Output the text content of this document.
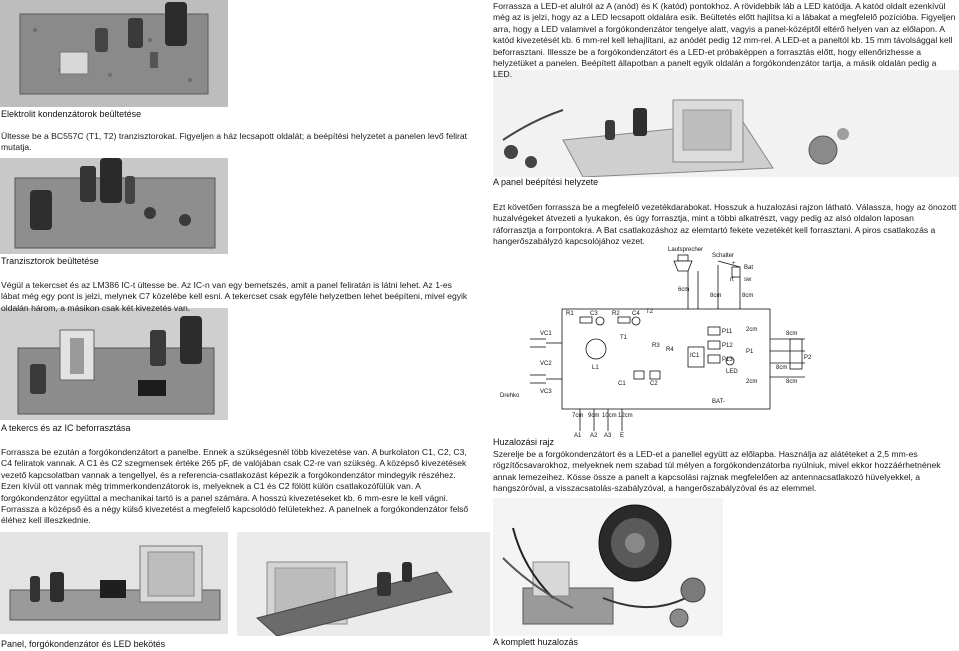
Lautsprecher
Schalter
Bat
+
sw
rt
6cm
8cm	8cm
2cm
8cm
8cm
8cm
2cm
P1
P2
R1	C3 R2 C4 T2
VC1
VC2
VC3
L1
T1
C1	C2
R3
R4
IC1
P11
P12
P13
LED
BAT-
Drehko
7cm 9cm 10cm 12cm
A1 A2 A3 E
Forrassza a LED-et alulról az A (anód) és K (katód) pontokhoz. A rövidebbik láb a LED katódja. A katód oldalt ezenkívül még az is jelzi, hogy az a LED lecsapott oldalára esik. Beültetés előtt hajlítsa ki a lábakat a megfelelő pozícióba. Figyeljen arra, hogy a LED valamivel a forgókondenzátor tengelye alatt, vagyis a panel-középtől eltérő helyen van az előlapon. A katód kivezetését kb. 6 mm-rel kell lehajlítani, az anódét pedig 12 mm-rel. A LED-et a paneltól kb. 15 mm távolsággal kell beforrasztani. Illessze be a forgókondenzátort és a LED-et próbaképpen a forrasztás előtt, hogy ellenőrizhesse a helyzetüket a panelen. Beépített állapotban a panelt egyik oldalán a forgókondenzátor tartja, a másik oldalán pedig a LED.
Elektrolit kondenzátorok beültetése
Ültesse be a BC557C (T1, T2) tranzisztorokat. Figyeljen a ház lecsapott oldalát; a beépítési helyzetet a panelen levő felirat mutatja.
A panel beépítési helyzete
Ezt követően forrassza be a megfelelő vezetékdarabokat. Hosszuk a huzalozási rajzon látható. Válassza, hogy az önozott huzalvégeket átvezeti a lyukakon, és úgy forrasztja, mint a többi alkatrészt, vagy pedig az alsó oldalon laposan ráforrasztja a forrpontokra. A Bat csatlakozáshoz az elemtartó fekete vezetékét kell forrasztani. A piros csatlakozás a hangerőszabályzó kapcsolójához vezet.
Tranzisztorok beültetése
Végül a tekercset és az LM386 IC-t ültesse be. Az IC-n van egy bemetszés, amit a panel feliratán is látni lehet. Az 1-es lábat még egy pont is jelzi, melynek C7 közelébe kell esni. A tekercset csak egyféle helyzetben lehet beépíteni, mivel egyik oldalán három, a másikon csak két kivezetés van.
A tekercs és az IC beforrasztása
Forrassza be ezután a forgókondenzátort a panelbe. Ennek a szükségesnél több kivezetése van. A burkolaton C1, C2, C3, C4 feliratok vannak. A C1 és C2 szegmensek értéke 265 pF, de valójában csak C2-re van szükség. A középső kivezetések vezető kapcsolatban vannak a tengellyel, és a referencia-csatlakozást képezik a forgókondenzátor mindegyik részéhez. Ezen kívül ott vannak még trimmerkondenzátorok is, melyeknek a C1 és C2 fölött külön csatlakozófülük van. A forgókondenzátor együttal a mechanikai tartó is a panel számára. A hosszú kivezetéseket kb. 6 mm-esre le kell vágni. Forrassza a középső és a négy külső kivezetést a megfelelő kapcsolódó felületekhez. A panelnek a forgókondenzátor felső éléhez kell illeszkednie.
Panel, forgókondenzátor és LED bekötés
Huzalozási rajz
Szerelje be a forgókondenzátort és a LED-et a panellel együtt az előlapba. Használja az alátéteket a 2,5 mm-es rögzítőcsavarokhoz, melyeknek nem szabad túl mélyen a forgókondenzátorba nyúlniuk, mivel ekkor hozzáérhetnének annak lemezeihez. Kösse össze a panelt a kapcsolási rajznak megfelelően az antennacsatlakozó hüvelyekkel, a hangszóróval, a visszacsatolás-szabályzóval, a hangerőszabályzóval és az elemmel.
A komplett huzalozás
